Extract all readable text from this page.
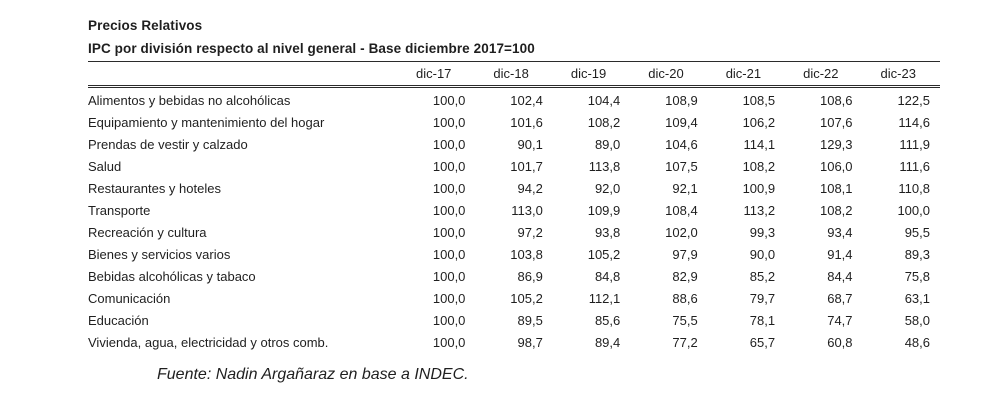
Precios Relativos
IPC por división respecto al nivel general - Base diciembre 2017=100
	dic-17	dic-18	dic-19	dic-20	dic-21	dic-22	dic-23
Alimentos y bebidas no alcohólicas	100,0	102,4	104,4	108,9	108,5	108,6	122,5
Equipamiento y mantenimiento del hogar	100,0	101,6	108,2	109,4	106,2	107,6	114,6
Prendas de vestir y calzado	100,0	90,1	89,0	104,6	114,1	129,3	111,9
Salud	100,0	101,7	113,8	107,5	108,2	106,0	111,6
Restaurantes y hoteles	100,0	94,2	92,0	92,1	100,9	108,1	110,8
Transporte	100,0	113,0	109,9	108,4	113,2	108,2	100,0
Recreación y cultura	100,0	97,2	93,8	102,0	99,3	93,4	95,5
Bienes y servicios varios	100,0	103,8	105,2	97,9	90,0	91,4	89,3
Bebidas alcohólicas y tabaco	100,0	86,9	84,8	82,9	85,2	84,4	75,8
Comunicación	100,0	105,2	112,1	88,6	79,7	68,7	63,1
Educación	100,0	89,5	85,6	75,5	78,1	74,7	58,0
Vivienda, agua, electricidad y otros comb.	100,0	98,7	89,4	77,2	65,7	60,8	48,6
Fuente: Nadin Argañaraz en base a INDEC.
